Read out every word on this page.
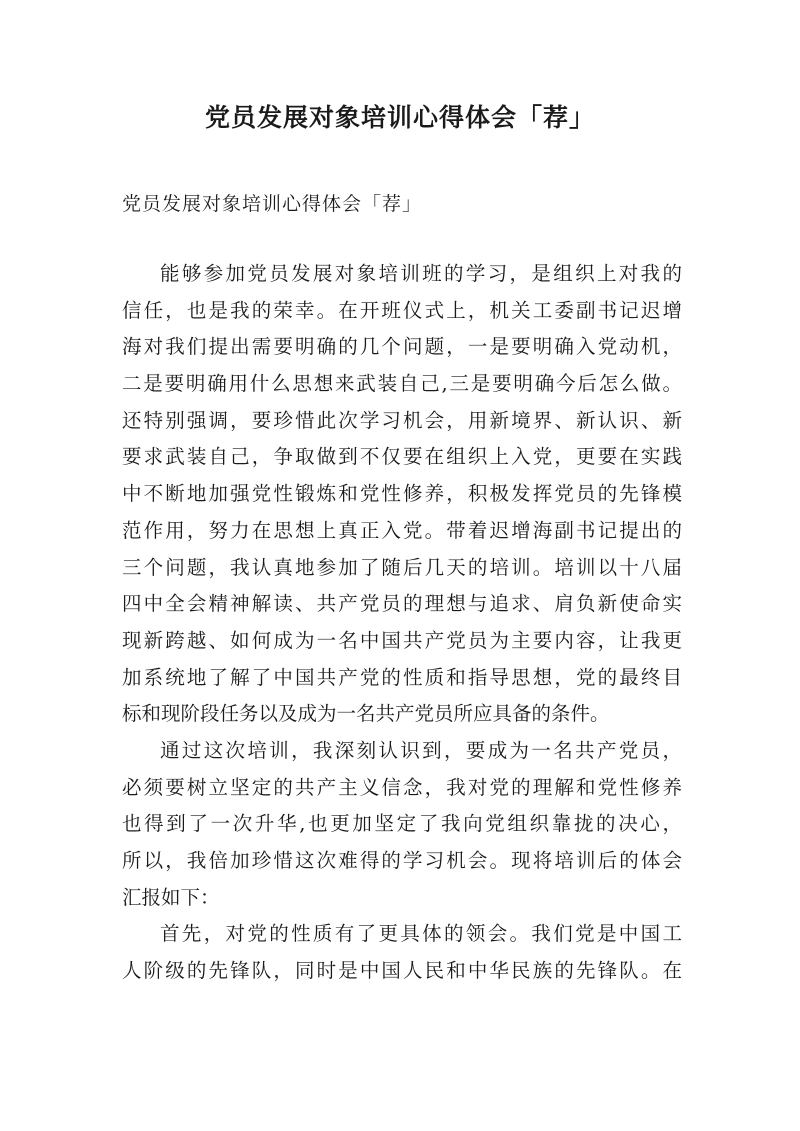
党员发展对象培训心得体会「荐」

党员发展对象培训心得体会「荐」

能够参加党员发展对象培训班的学习，是组织上对我的
信任，也是我的荣幸。在开班仪式上，机关工委副书记迟增
海对我们提出需要明确的几个问题，一是要明确入党动机，
二是要明确用什么思想来武装自己,三是要明确今后怎么做。
还特别强调，要珍惜此次学习机会，用新境界、新认识、新
要求武装自己，争取做到不仅要在组织上入党，更要在实践
中不断地加强党性锻炼和党性修养，积极发挥党员的先锋模
范作用，努力在思想上真正入党。带着迟增海副书记提出的
三个问题，我认真地参加了随后几天的培训。培训以十八届
四中全会精神解读、共产党员的理想与追求、肩负新使命实
现新跨越、如何成为一名中国共产党员为主要内容，让我更
加系统地了解了中国共产党的性质和指导思想，党的最终目
标和现阶段任务以及成为一名共产党员所应具备的条件。

通过这次培训，我深刻认识到，要成为一名共产党员，
必须要树立坚定的共产主义信念，我对党的理解和党性修养
也得到了一次升华,也更加坚定了我向党组织靠拢的决心，
所以，我倍加珍惜这次难得的学习机会。现将培训后的体会
汇报如下：

首先，对党的性质有了更具体的领会。我们党是中国工
人阶级的先锋队，同时是中国人民和中华民族的先锋队。在
